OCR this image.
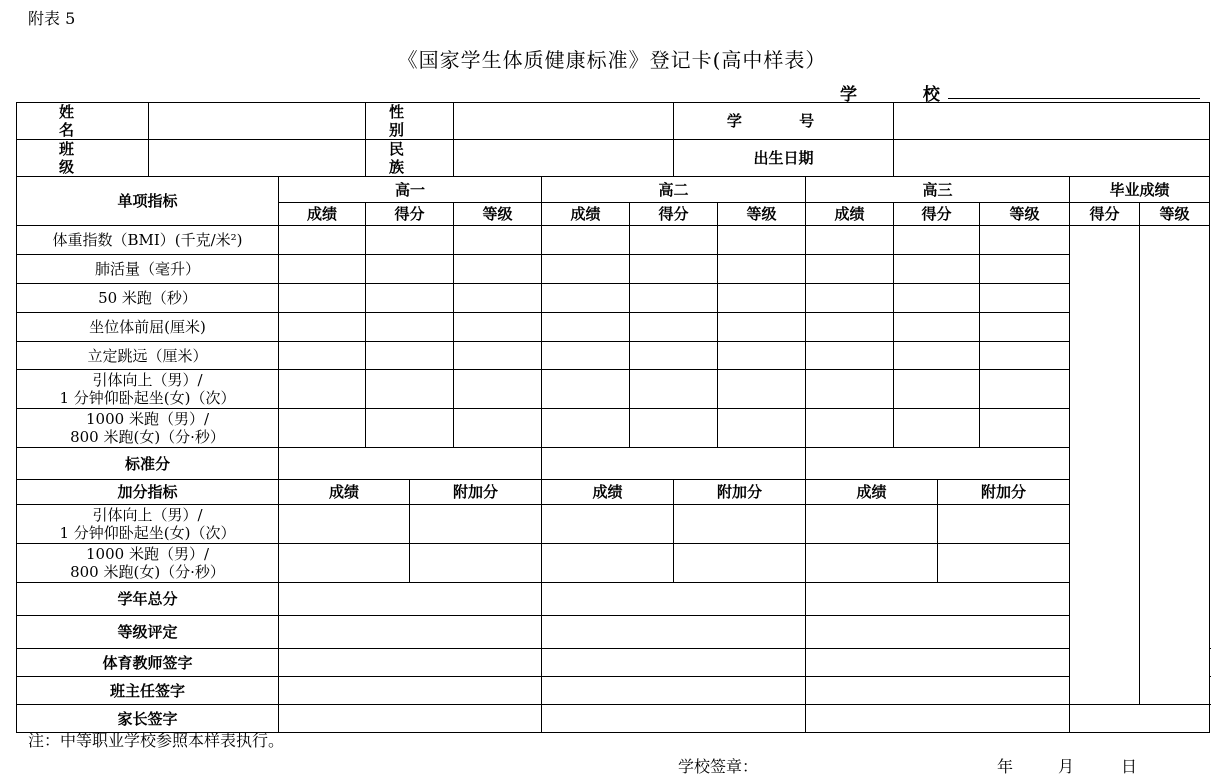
附表 5
《国家学生体质健康标准》登记卡(高中样表）
学 校
姓 名			性 别					学 号								
班 级			民 族					出生日期								
单项指标		高一				高二				高三				毕业成绩		
		成绩	得分		等级	成绩	得分		等级	成绩	得分		等级	得分	等级	
体重指数（BMI）(千克/米²)																
肺活量（毫升）																
50 米跑（秒）																
坐位体前屈(厘米)																
立定跳远（厘米）																

引体向上（男）/
1 分钟仰卧起坐(女)（次）																

1000 米跑（男）/
800 米跑(女)（分·秒）																

标准分																
加分指标		成绩		附加分		成绩		附加分		成绩		附加分				

引体向上（男）/
1 分钟仰卧起坐(女)（次）																

1000 米跑（男）/
800 米跑(女)（分·秒）																

学年总分																
等级评定																
体育教师签字																
班主任签字																
家长签字																
注：中等职业学校参照本样表执行。
学校签章：	年	月	日
